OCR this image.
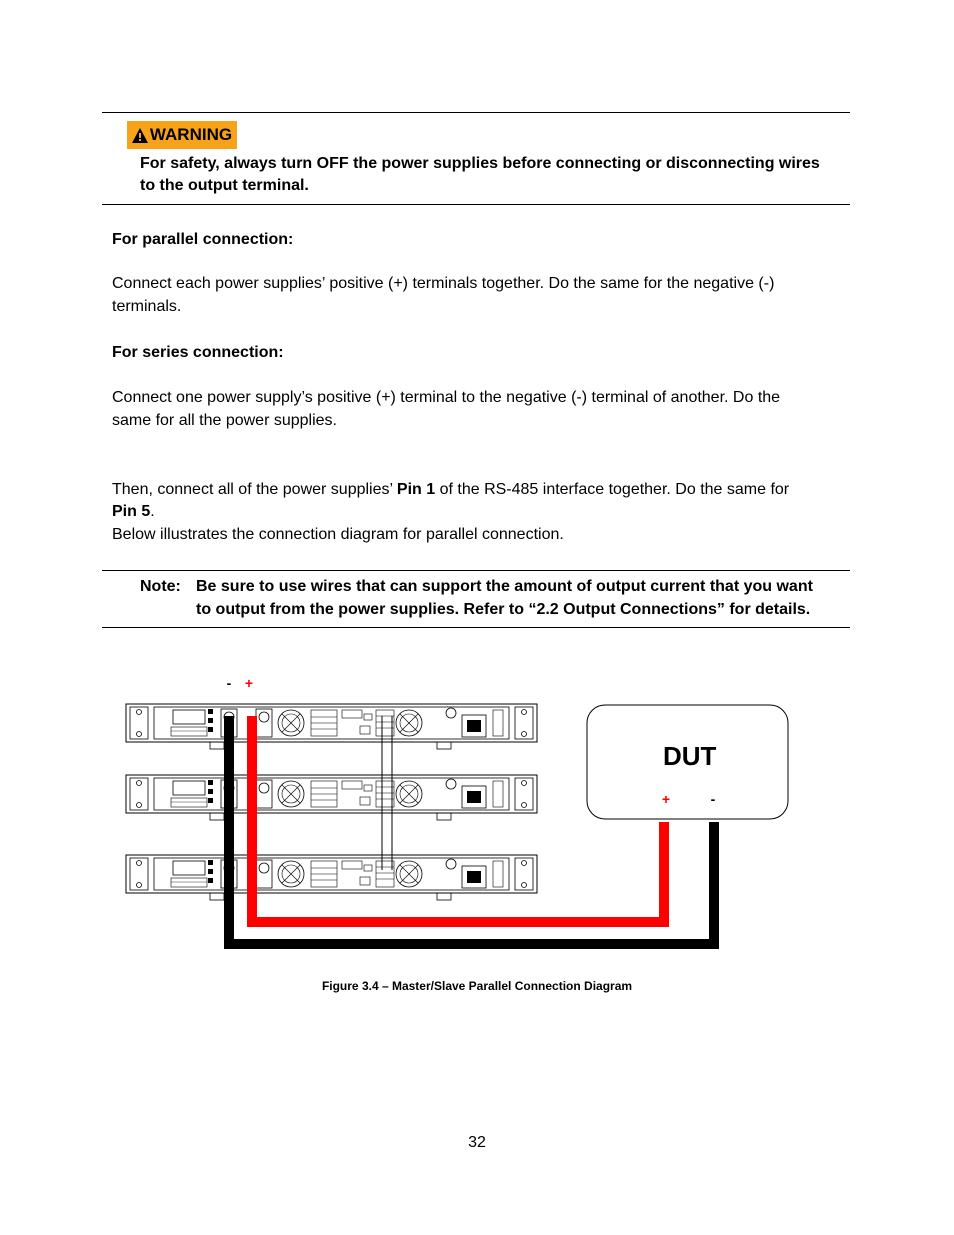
WARNING
For safety, always turn OFF the power supplies before connecting or disconnecting wires
to the output terminal.
For parallel connection:
Connect each power supplies’ positive (+) terminals together. Do the same for the negative (-)
terminals.
For series connection:
Connect one power supply’s positive (+) terminal to the negative (-) terminal of another. Do the
same for all the power supplies.
Then, connect all of the power supplies’ Pin 1 of the RS-485 interface together. Do the same for
Pin 5.
Below illustrates the connection diagram for parallel connection.
Note: Be sure to use wires that can support the amount of output current that you want
to output from the power supplies. Refer to “2.2 Output Connections” for details.
- +
DUT
+	-
Figure 3.4 – Master/Slave Parallel Connection Diagram
32
